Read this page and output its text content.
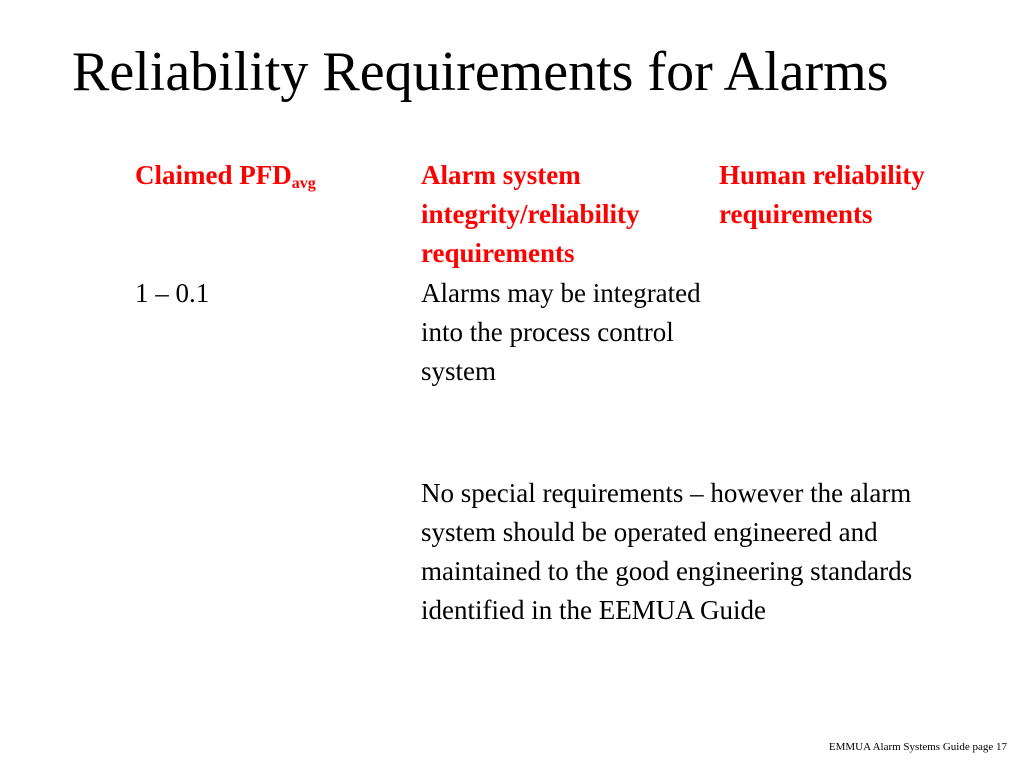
Reliability Requirements for Alarms
Claimed $PFD_{avg}$	Alarm system integrity/reliability requirements
Human reliability requirements
1 – 0.1	Alarms may be integrated into the process control system
No special requirements – however the alarm system should be operated engineered and maintained to the good engineering standards identified in the EEMUA Guide
EMMUA Alarm Systems Guide page 17
